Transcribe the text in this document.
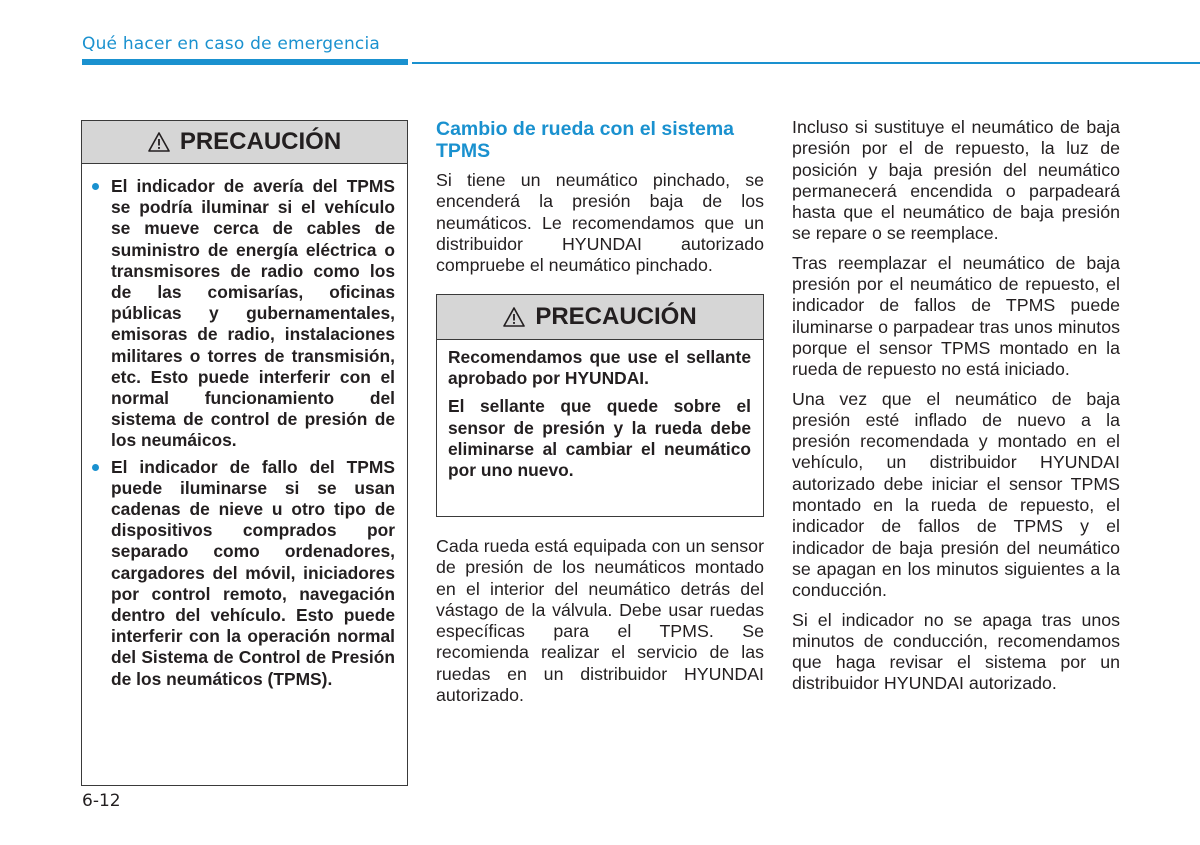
Qué hacer en caso de emergencia
PRECAUCIÓN
El indicador de avería del TPMS se podría iluminar si el vehículo se mueve cerca de cables de suministro de energía eléctrica o transmisores de radio como los de las comisarías, oficinas públicas y gubernamentales, emisoras de radio, instalaciones militares o torres de transmisión, etc. Esto puede interferir con el normal funcionamiento del sistema de control de presión de los neumáicos.
El indicador de fallo del TPMS puede iluminarse si se usan cadenas de nieve u otro tipo de dispositivos comprados por separado como ordenadores, cargadores del móvil, iniciadores por control remoto, navegación dentro del vehículo. Esto puede interferir con la operación normal del Sistema de Control de Presión de los neumáticos (TPMS).
Cambio de rueda con el sistema TPMS

Si tiene un neumático pinchado, se encenderá la presión baja de los neumáticos. Le recomendamos que un distribuidor HYUNDAI autorizado compruebe el neumático pinchado.

PRECAUCIÓN

Recomendamos que use el sellante aprobado por HYUNDAI.

El sellante que quede sobre el sensor de presión y la rueda debe eliminarse al cambiar el neumático por uno nuevo.

Cada rueda está equipada con un sensor de presión de los neumáticos montado en el interior del neumático detrás del vástago de la válvula. Debe usar ruedas específicas para el TPMS. Se recomienda realizar el servicio de las ruedas en un distribuidor HYUNDAI autorizado.

Incluso si sustituye el neumático de baja presión por el de repuesto, la luz de posición y baja presión del neumático permanecerá encendida o parpadeará hasta que el neumático de baja presión se repare o se reemplace.

Tras reemplazar el neumático de baja presión por el neumático de repuesto, el indicador de fallos de TPMS puede iluminarse o parpadear tras unos minutos porque el sensor TPMS montado en la rueda de repuesto no está iniciado.

Una vez que el neumático de baja presión esté inflado de nuevo a la presión recomendada y montado en el vehículo, un distribuidor HYUNDAI autorizado debe iniciar el sensor TPMS montado en la rueda de repuesto, el indicador de fallos de TPMS y el indicador de baja presión del neumático se apagan en los minutos siguientes a la conducción.

Si el indicador no se apaga tras unos minutos de conducción, recomendamos que haga revisar el sistema por un distribuidor HYUNDAI autorizado.

6-12
